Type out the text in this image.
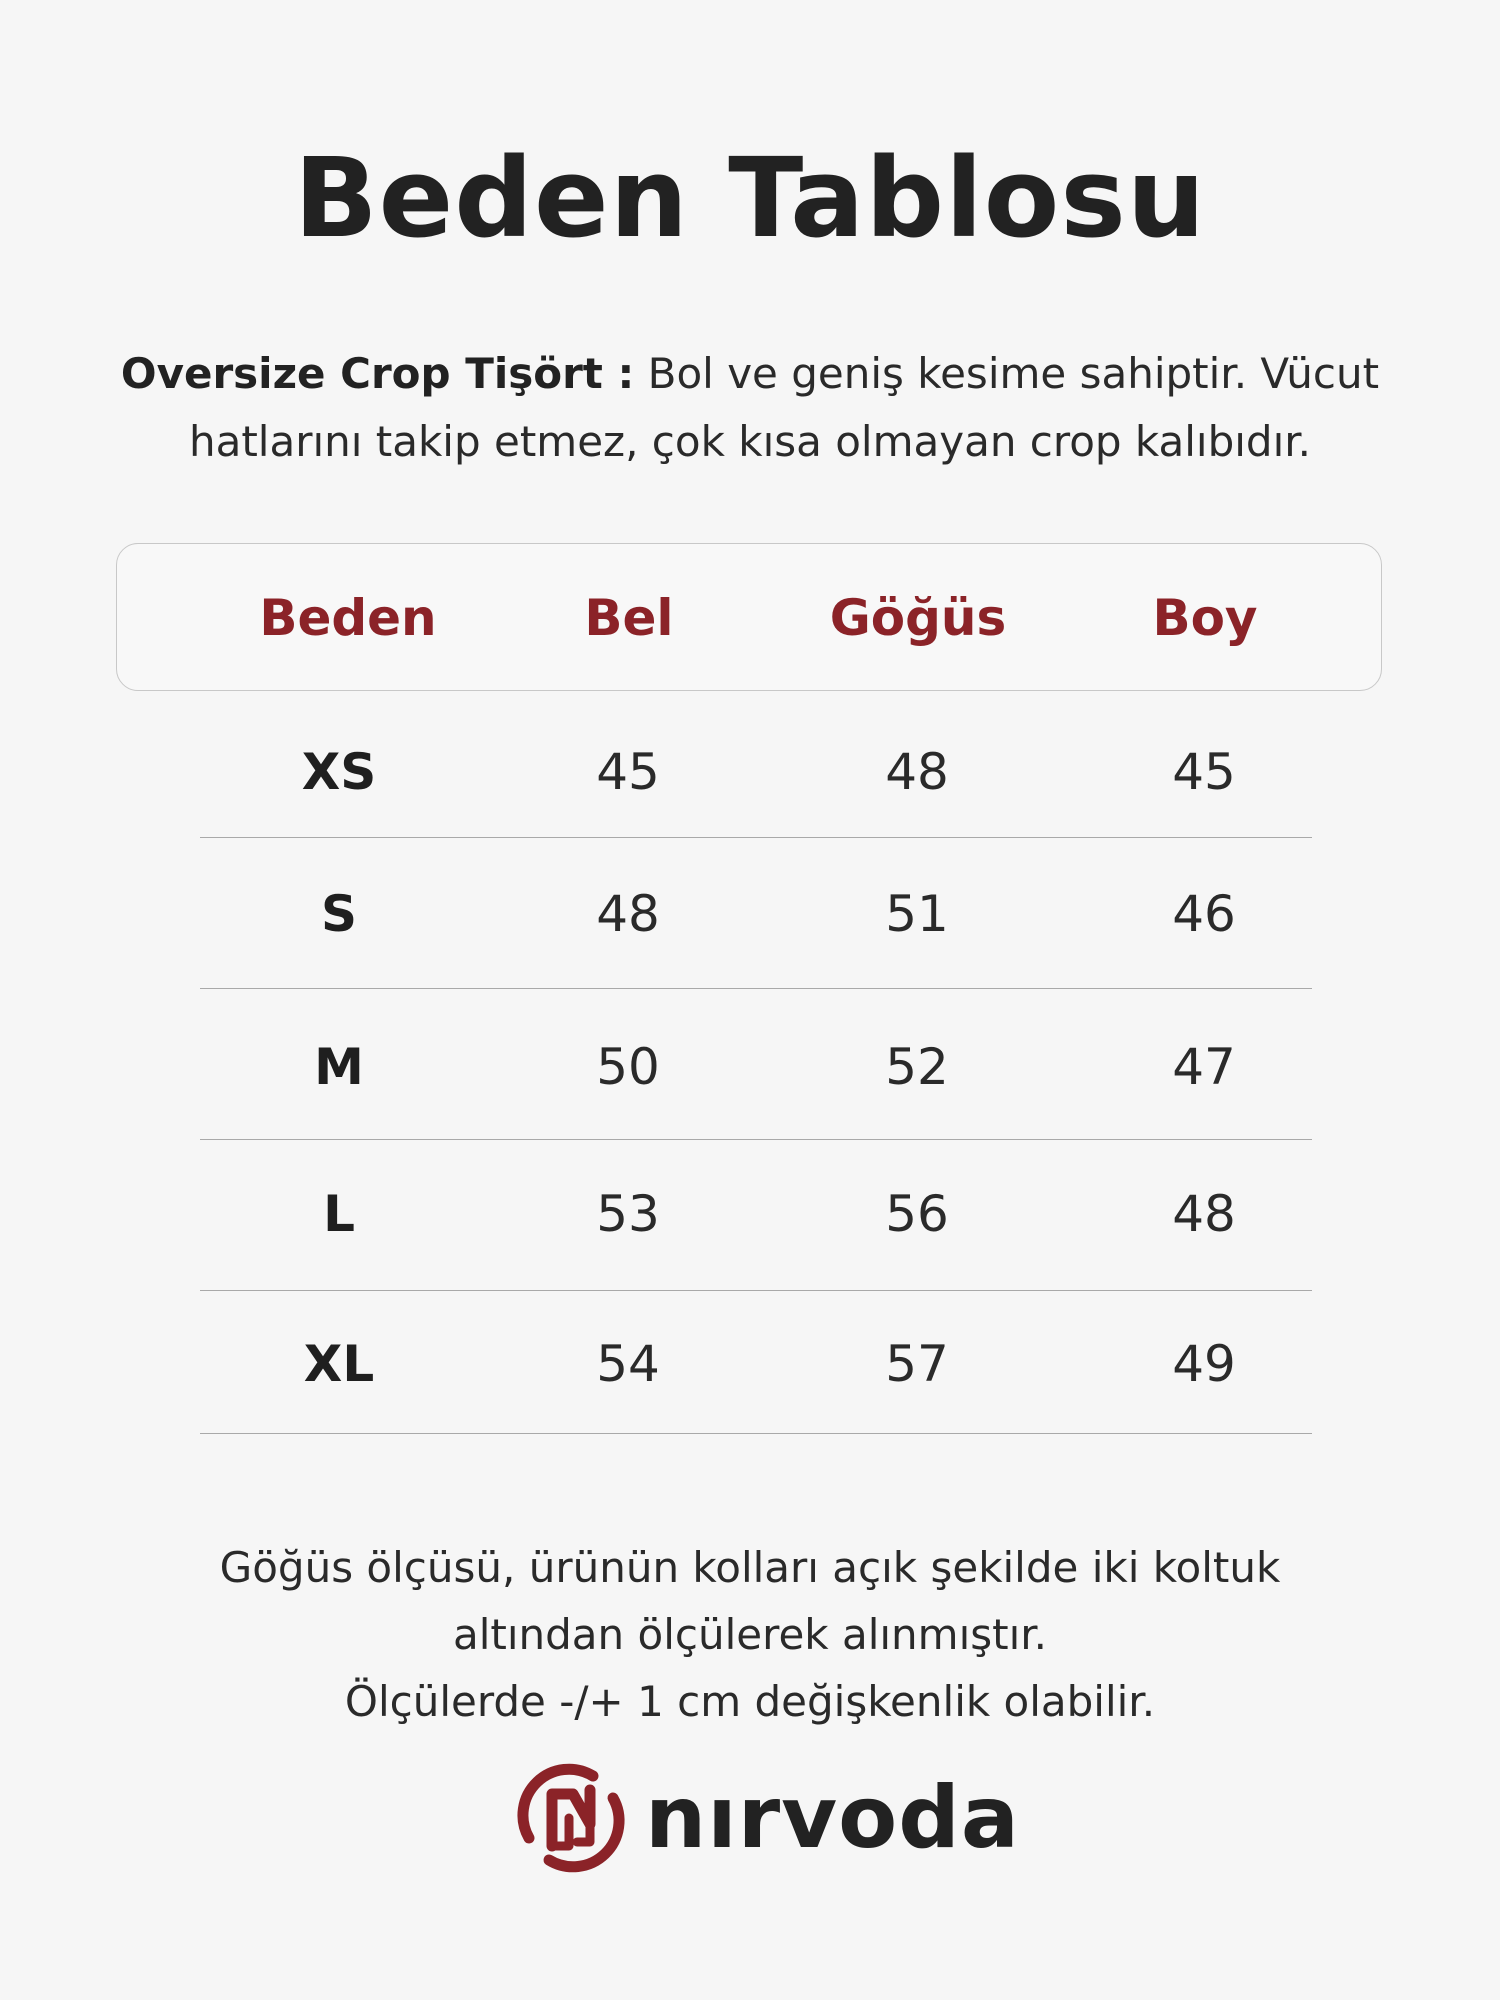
Beden Tablosu
Oversize Crop Tişört : Bol ve geniş kesime sahiptir. Vücut
hatlarını takip etmez, çok kısa olmayan crop kalıbıdır.
Beden	Bel	Göğüs	Boy
XS	45	48	45
S	48	51	46
M	50	52	47
L	53	56	48
XL	54	57	49
Göğüs ölçüsü, ürünün kolları açık şekilde iki koltuk
altından ölçülerek alınmıştır.
Ölçülerde -/+ 1 cm değişkenlik olabilir.
nırvoda
